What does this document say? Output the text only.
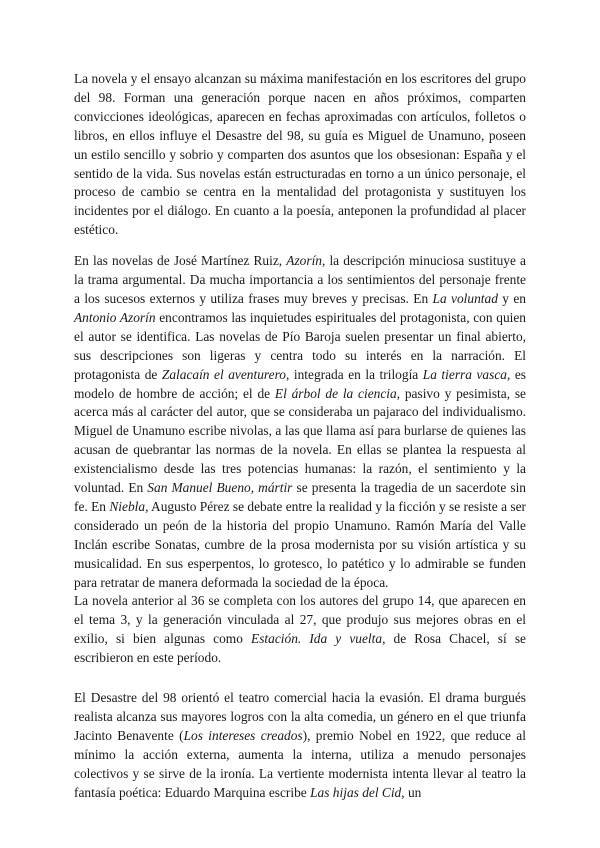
La novela y el ensayo alcanzan su máxima manifestación en los escritores del grupo del 98. Forman una generación porque nacen en años próximos, comparten convicciones ideológicas, aparecen en fechas aproximadas con artículos, folletos o libros, en ellos influye el Desastre del 98, su guía es Miguel de Unamuno, poseen un estilo sencillo y sobrio y comparten dos asuntos que los obsesionan: España y el sentido de la vida. Sus novelas están estructuradas en torno a un único personaje, el proceso de cambio se centra en la mentalidad del protagonista y sustituyen los incidentes por el diálogo. En cuanto a la poesía, anteponen la profundidad al placer estético.

En las novelas de José Martínez Ruiz, Azorín, la descripción minuciosa sustituye a la trama argumental. Da mucha importancia a los sentimientos del personaje frente a los sucesos externos y utiliza frases muy breves y precisas. En La voluntad y en Antonio Azorín encontramos las inquietudes espirituales del protagonista, con quien el autor se identifica. Las novelas de Pío Baroja suelen presentar un final abierto, sus descripciones son ligeras y centra todo su interés en la narración. El protagonista de Zalacaín el aventurero, integrada en la trilogía La tierra vasca, es modelo de hombre de acción; el de El árbol de la ciencia, pasivo y pesimista, se acerca más al carácter del autor, que se consideraba un pajaraco del individualismo. Miguel de Unamuno escribe nivolas, a las que llama así para burlarse de quienes las acusan de quebrantar las normas de la novela. En ellas se plantea la respuesta al existencialismo desde las tres potencias humanas: la razón, el sentimiento y la voluntad. En San Manuel Bueno, mártir se presenta la tragedia de un sacerdote sin fe. En Niebla, Augusto Pérez se debate entre la realidad y la ficción y se resiste a ser considerado un peón de la historia del propio Unamuno. Ramón María del Valle Inclán escribe Sonatas, cumbre de la prosa modernista por su visión artística y su musicalidad. En sus esperpentos, lo grotesco, lo patético y lo admirable se funden para retratar de manera deformada la sociedad de la época.

La novela anterior al 36 se completa con los autores del grupo 14, que aparecen en el tema 3, y la generación vinculada al 27, que produjo sus mejores obras en el exilio, si bien algunas como Estación. Ida y vuelta, de Rosa Chacel, sí se escribieron en este período.

El Desastre del 98 orientó el teatro comercial hacia la evasión. El drama burgués realista alcanza sus mayores logros con la alta comedia, un género en el que triunfa Jacinto Benavente (Los intereses creados), premio Nobel en 1922, que reduce al mínimo la acción externa, aumenta la interna, utiliza a menudo personajes colectivos y se sirve de la ironía. La vertiente modernista intenta llevar al teatro la fantasía poética: Eduardo Marquina escribe Las hijas del Cid, un
